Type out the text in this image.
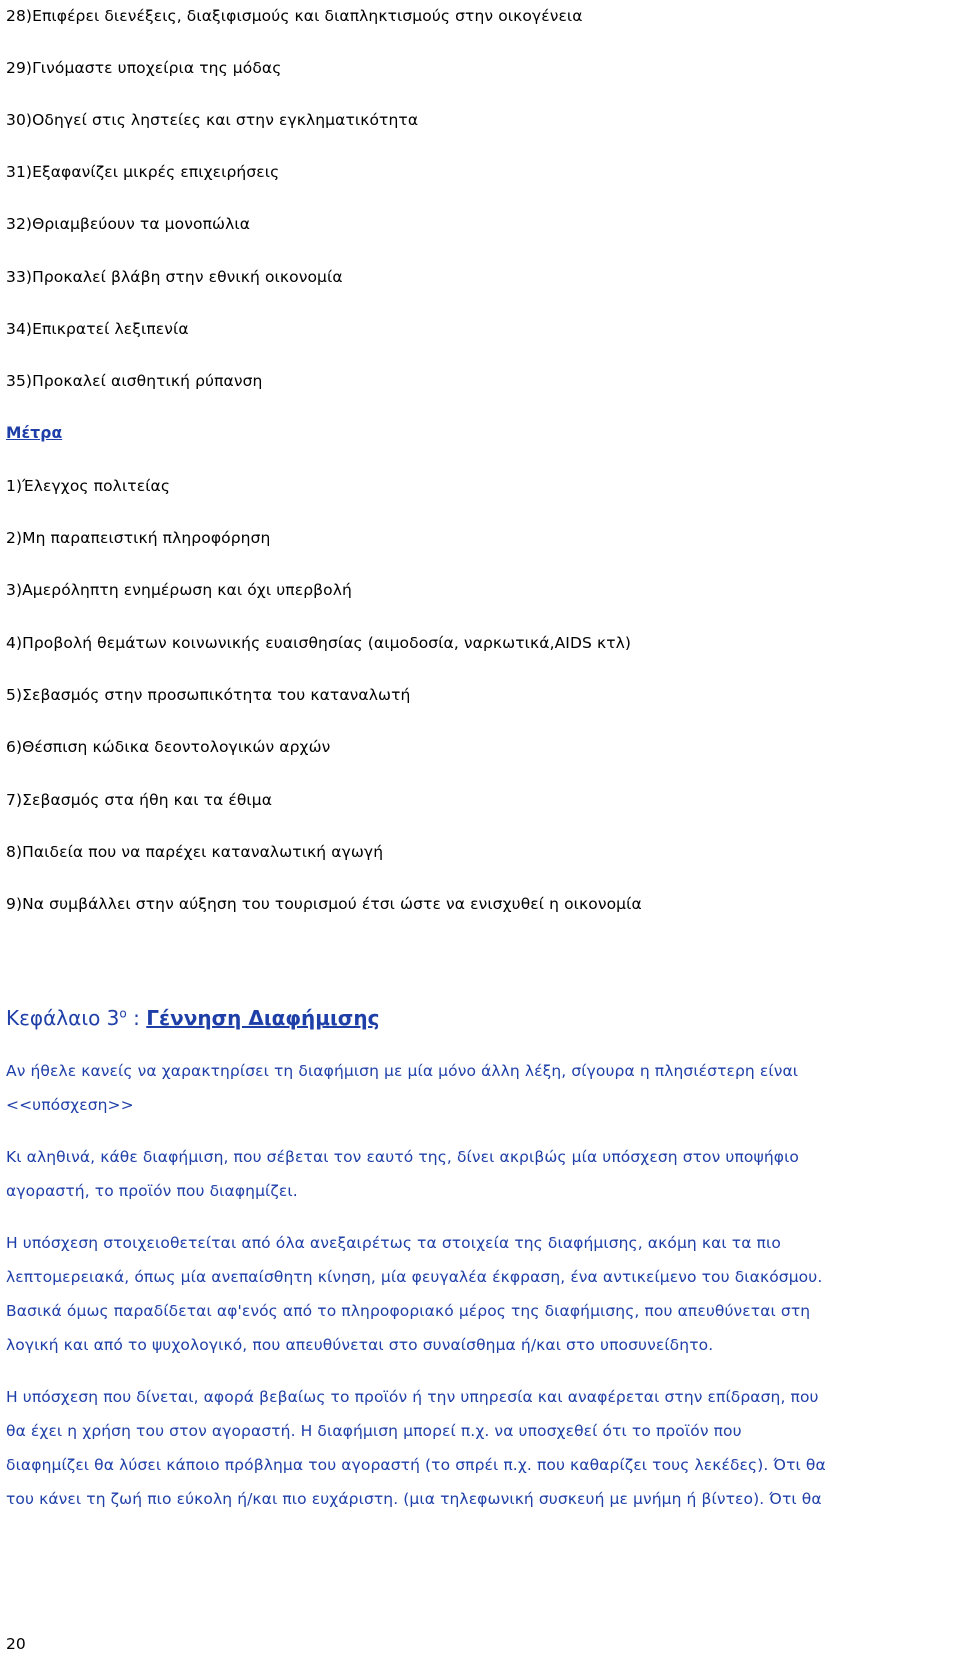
28)Επιφέρει διενέξεις, διαξιφισμούς και διαπληκτισμούς στην οικογένεια
29)Γινόμαστε υποχείρια της μόδας
30)Οδηγεί στις ληστείες και στην εγκληματικότητα
31)Εξαφανίζει μικρές επιχειρήσεις
32)Θριαμβεύουν τα μονοπώλια
33)Προκαλεί βλάβη στην εθνική οικονομία
34)Επικρατεί λεξιπενία
35)Προκαλεί αισθητική ρύπανση
Μέτρα
1)Έλεγχος πολιτείας
2)Μη παραπειστική πληροφόρηση
3)Αμερόληπτη ενημέρωση και όχι υπερβολή
4)Προβολή θεμάτων κοινωνικής ευαισθησίας (αιμοδοσία, ναρκωτικά,AIDS κτλ)
5)Σεβασμός στην προσωπικότητα του καταναλωτή
6)Θέσπιση κώδικα δεοντολογικών αρχών
7)Σεβασμός στα ήθη και τα έθιμα
8)Παιδεία που να παρέχει καταναλωτική αγωγή
9)Να συμβάλλει στην αύξηση του τουρισμού έτσι ώστε να ενισχυθεί η οικονομία
Κεφάλαιο $3^o$ : Γέννηση Διαφήμισης
Αν ήθελε κανείς να χαρακτηρίσει τη διαφήμιση με μία μόνο άλλη λέξη, σίγουρα η πλησιέστερη είναι
<<υπόσχεση>>
Κι αληθινά, κάθε διαφήμιση, που σέβεται τον εαυτό της, δίνει ακριβώς μία υπόσχεση στον υποψήφιο
αγοραστή, το προϊόν που διαφημίζει.
Η υπόσχεση στοιχειοθετείται από όλα ανεξαιρέτως τα στοιχεία της διαφήμισης, ακόμη και τα πιο
λεπτομερειακά, όπως μία ανεπαίσθητη κίνηση, μία φευγαλέα έκφραση, ένα αντικείμενο του διακόσμου.
Βασικά όμως παραδίδεται αφ'ενός από το πληροφοριακό μέρος της διαφήμισης, που απευθύνεται στη
λογική και από το ψυχολογικό, που απευθύνεται στο συναίσθημα ή/και στο υποσυνείδητο.
Η υπόσχεση που δίνεται, αφορά βεβαίως το προϊόν ή την υπηρεσία και αναφέρεται στην επίδραση, που
θα έχει η χρήση του στον αγοραστή. Η διαφήμιση μπορεί π.χ. να υποσχεθεί ότι το προϊόν που
διαφημίζει θα λύσει κάποιο πρόβλημα του αγοραστή (το σπρέι π.χ. που καθαρίζει τους λεκέδες). Ότι θα
του κάνει τη ζωή πιο εύκολη ή/και πιο ευχάριστη. (μια τηλεφωνική συσκευή με μνήμη ή βίντεο). Ότι θα
20
